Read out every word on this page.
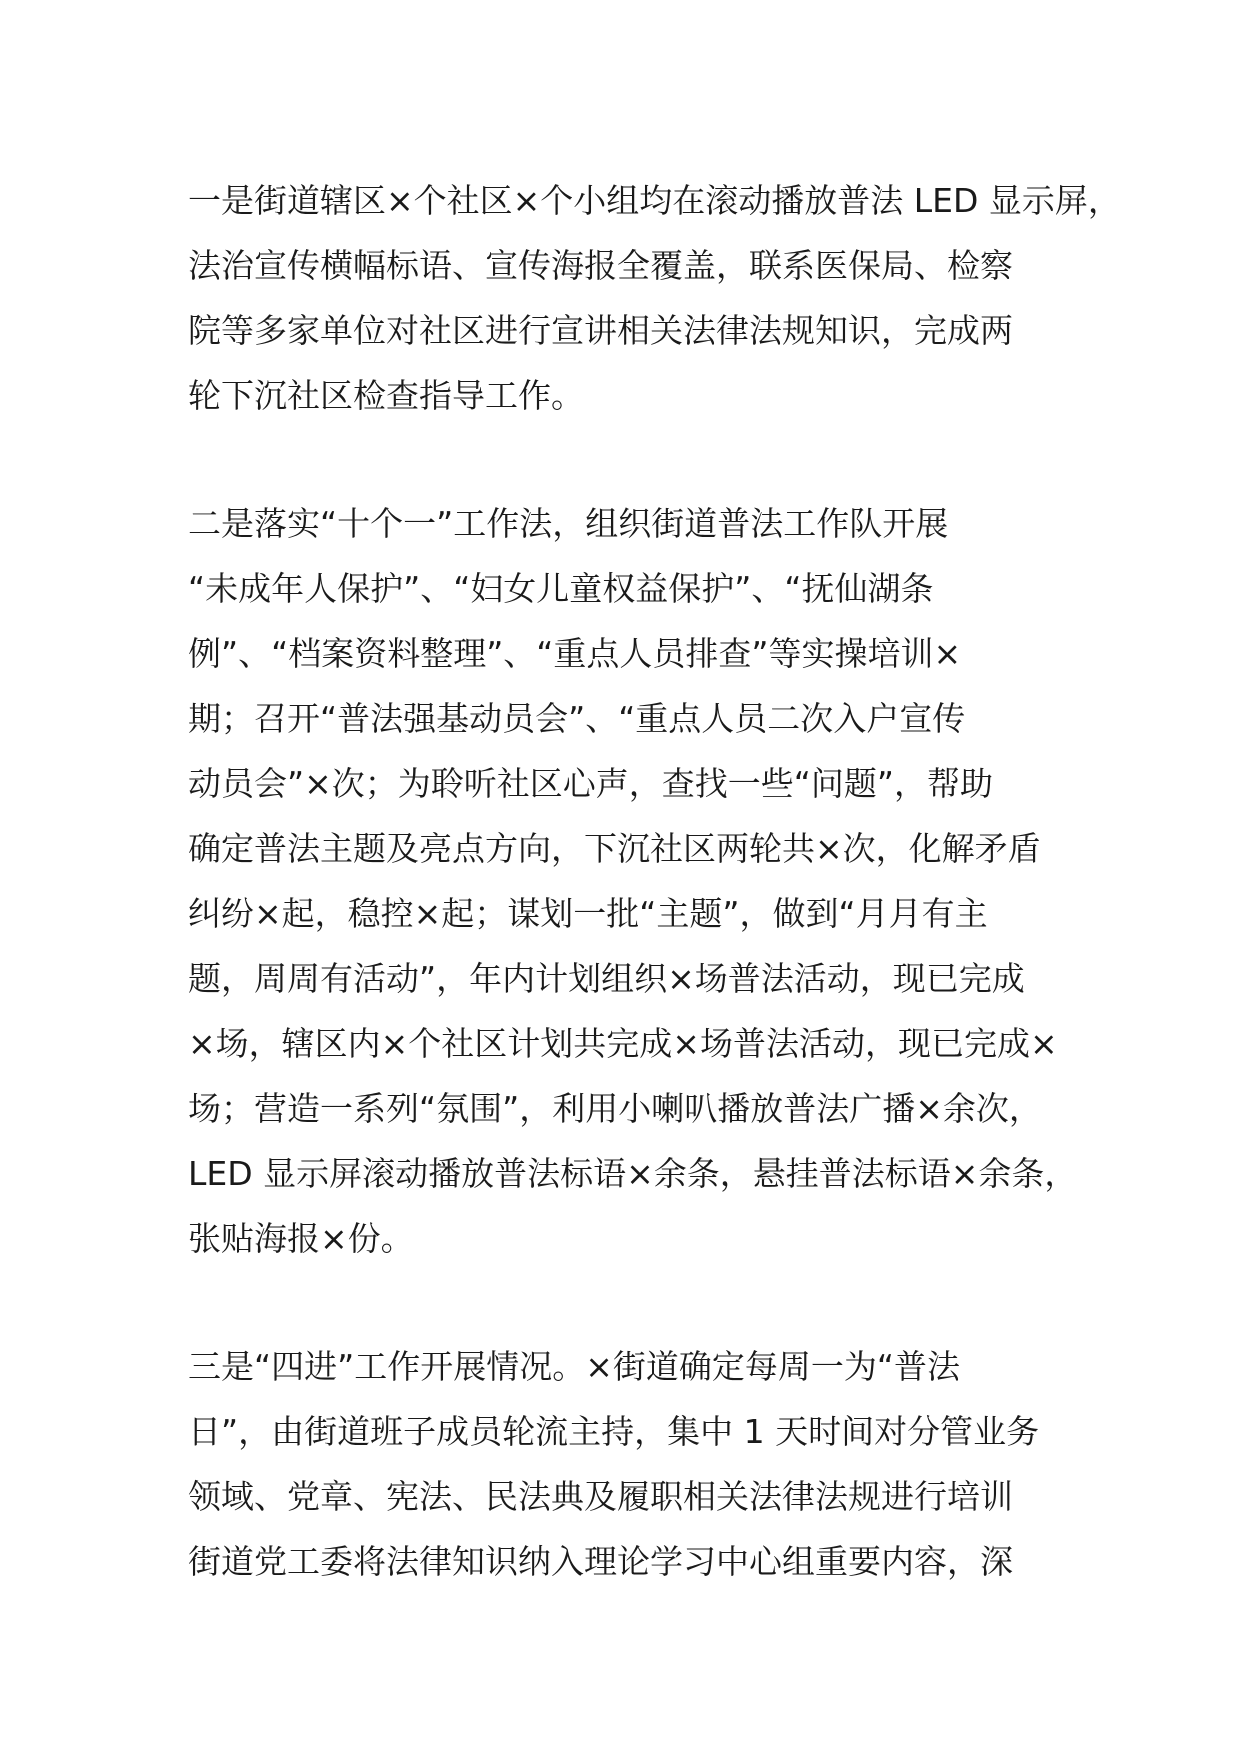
一是街道辖区×个社区×个小组均在滚动播放普法 LED 显示屏，
法治宣传横幅标语、宣传海报全覆盖，联系医保局、检察
院等多家单位对社区进行宣讲相关法律法规知识，完成两
轮下沉社区检查指导工作。
二是落实“十个一”工作法，组织街道普法工作队开展
“未成年人保护”、“妇女儿童权益保护”、“抚仙湖条
例”、“档案资料整理”、“重点人员排查”等实操培训×
期；召开“普法强基动员会”、“重点人员二次入户宣传
动员会”×次；为聆听社区心声，查找一些“问题”，帮助
确定普法主题及亮点方向，下沉社区两轮共×次，化解矛盾
纠纷×起，稳控×起；谋划一批“主题”，做到“月月有主
题，周周有活动”，年内计划组织×场普法活动，现已完成
×场，辖区内×个社区计划共完成×场普法活动，现已完成×
场；营造一系列“氛围”，利用小喇叭播放普法广播×余次，
LED 显示屏滚动播放普法标语×余条，悬挂普法标语×余条，
张贴海报×份。
三是“四进”工作开展情况。×街道确定每周一为“普法
日”，由街道班子成员轮流主持，集中 1 天时间对分管业务
领域、党章、宪法、民法典及履职相关法律法规进行培训
街道党工委将法律知识纳入理论学习中心组重要内容，深
